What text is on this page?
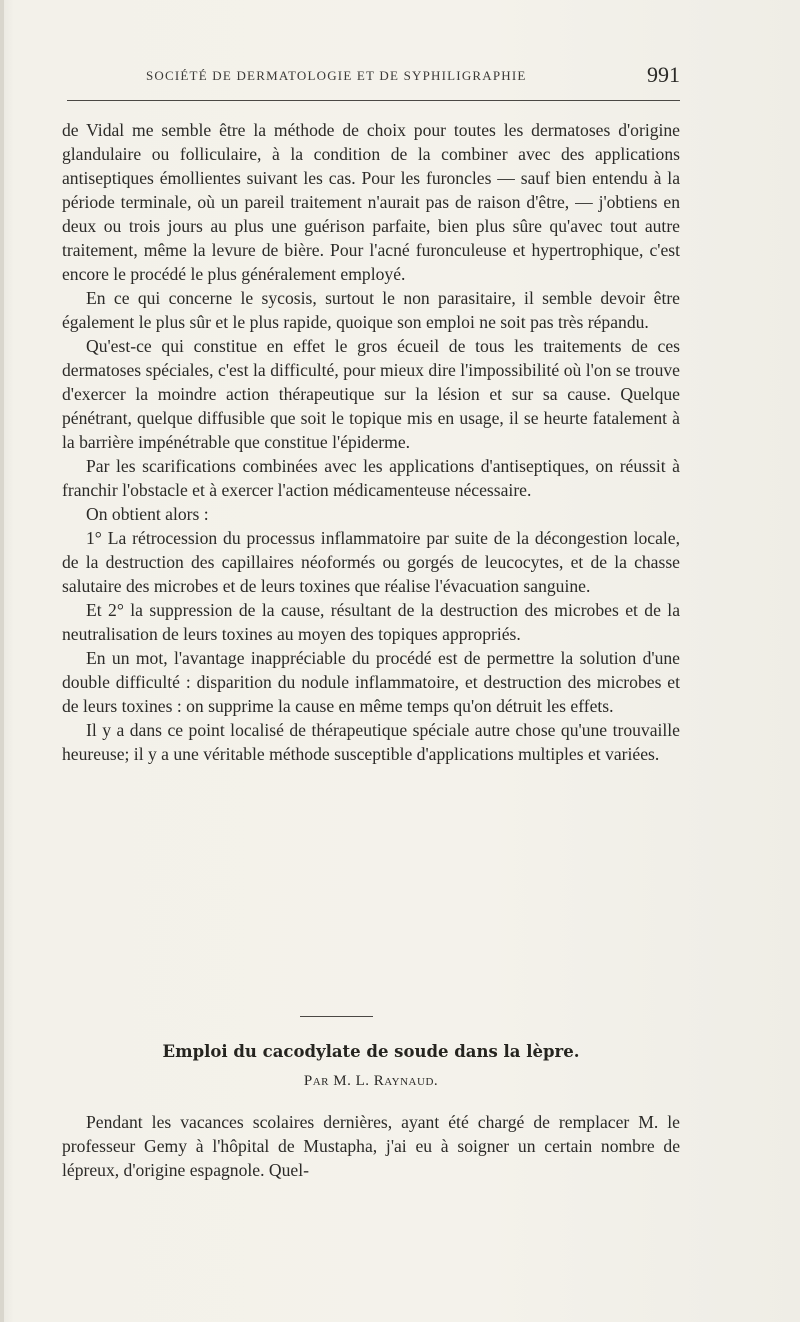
SOCIÉTÉ DE DERMATOLOGIE ET DE SYPHILIGRAPHIE	991

de Vidal me semble être la méthode de choix pour toutes les dermatoses d'origine glandulaire ou folliculaire, à la condition de la combiner avec des applications antiseptiques émollientes suivant les cas. Pour les furoncles — sauf bien entendu à la période terminale, où un pareil traitement n'aurait pas de raison d'être, — j'obtiens en deux ou trois jours au plus une guérison parfaite, bien plus sûre qu'avec tout autre traitement, même la levure de bière. Pour l'acné furonculeuse et hypertrophique, c'est encore le procédé le plus généralement employé.

En ce qui concerne le sycosis, surtout le non parasitaire, il semble devoir être également le plus sûr et le plus rapide, quoique son emploi ne soit pas très répandu.

Qu'est-ce qui constitue en effet le gros écueil de tous les traitements de ces dermatoses spéciales, c'est la difficulté, pour mieux dire l'impossibilité où l'on se trouve d'exercer la moindre action thérapeutique sur la lésion et sur sa cause. Quelque pénétrant, quelque diffusible que soit le topique mis en usage, il se heurte fatalement à la barrière impénétrable que constitue l'épiderme.

Par les scarifications combinées avec les applications d'antiseptiques, on réussit à franchir l'obstacle et à exercer l'action médicamenteuse nécessaire.

On obtient alors :

1° La rétrocession du processus inflammatoire par suite de la décongestion locale, de la destruction des capillaires néoformés ou gorgés de leucocytes, et de la chasse salutaire des microbes et de leurs toxines que réalise l'évacuation sanguine.

Et 2° la suppression de la cause, résultant de la destruction des microbes et de la neutralisation de leurs toxines au moyen des topiques appropriés.

En un mot, l'avantage inappréciable du procédé est de permettre la solution d'une double difficulté : disparition du nodule inflammatoire, et destruction des microbes et de leurs toxines : on supprime la cause en même temps qu'on détruit les effets.

Il y a dans ce point localisé de thérapeutique spéciale autre chose qu'une trouvaille heureuse; il y a une véritable méthode susceptible d'applications multiples et variées.

Emploi du cacodylate de soude dans la lèpre.
Par M. L. Raynaud.

Pendant les vacances scolaires dernières, ayant été chargé de remplacer M. le professeur Gemy à l'hôpital de Mustapha, j'ai eu à soigner un certain nombre de lépreux, d'origine espagnole. Quel-
